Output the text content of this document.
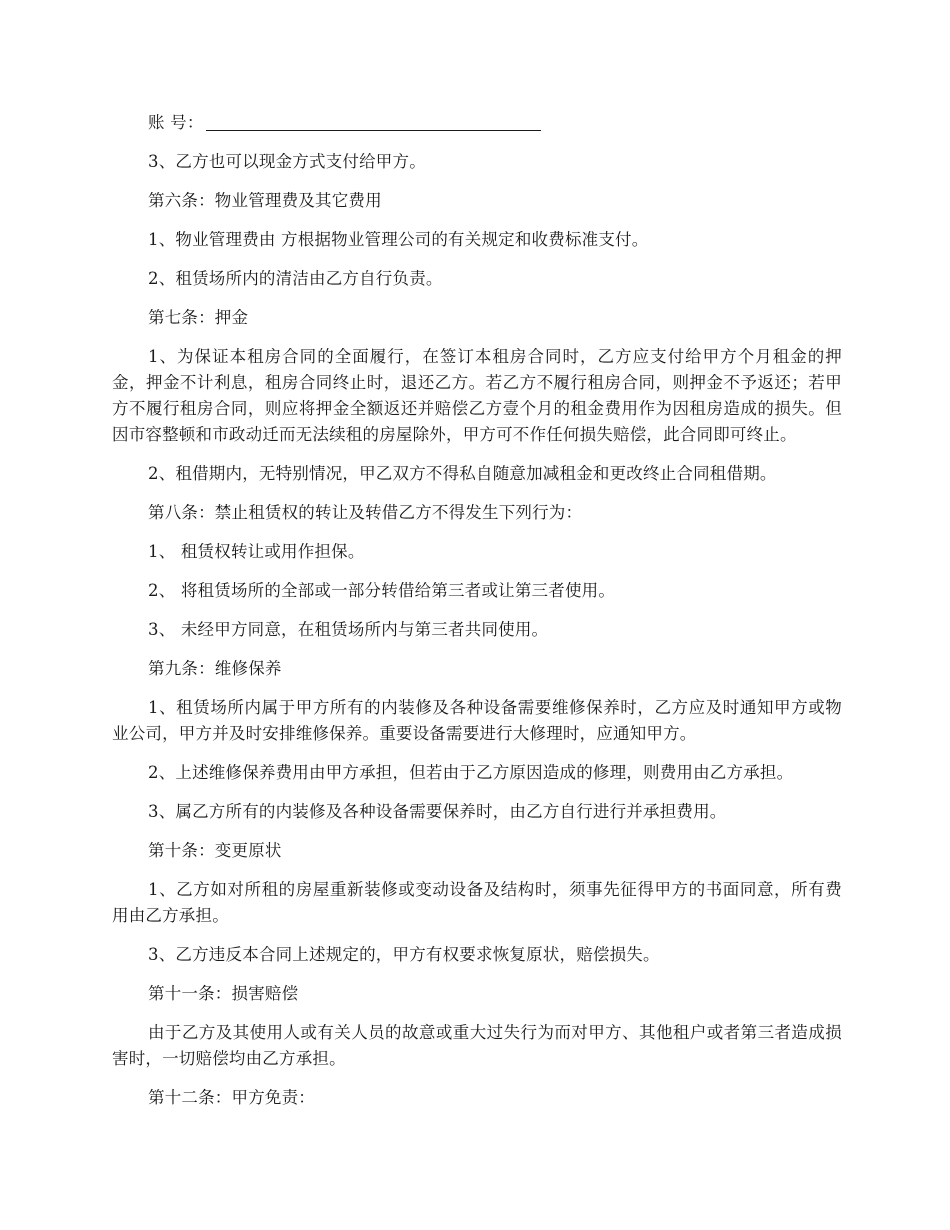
账 号：

3、乙方也可以现金方式支付给甲方。

第六条：物业管理费及其它费用

1、物业管理费由 方根据物业管理公司的有关规定和收费标准支付。

2、租赁场所内的清洁由乙方自行负责。

第七条：押金

1、为保证本租房合同的全面履行，在签订本租房合同时，乙方应支付给甲方个月租金的押金，押金不计利息，租房合同终止时，退还乙方。若乙方不履行租房合同，则押金不予返还；若甲方不履行租房合同，则应将押金全额返还并赔偿乙方壹个月的租金费用作为因租房造成的损失。但因市容整顿和市政动迁而无法续租的房屋除外，甲方可不作任何损失赔偿，此合同即可终止。

2、租借期内，无特别情况，甲乙双方不得私自随意加减租金和更改终止合同租借期。

第八条：禁止租赁权的转让及转借乙方不得发生下列行为：

1、 租赁权转让或用作担保。

2、 将租赁场所的全部或一部分转借给第三者或让第三者使用。

3、 未经甲方同意，在租赁场所内与第三者共同使用。

第九条：维修保养

1、租赁场所内属于甲方所有的内装修及各种设备需要维修保养时，乙方应及时通知甲方或物业公司，甲方并及时安排维修保养。重要设备需要进行大修理时，应通知甲方。

2、上述维修保养费用由甲方承担，但若由于乙方原因造成的修理，则费用由乙方承担。

3、属乙方所有的内装修及各种设备需要保养时，由乙方自行进行并承担费用。

第十条：变更原状

1、乙方如对所租的房屋重新装修或变动设备及结构时，须事先征得甲方的书面同意，所有费用由乙方承担。

3、乙方违反本合同上述规定的，甲方有权要求恢复原状，赔偿损失。

第十一条：损害赔偿

由于乙方及其使用人或有关人员的故意或重大过失行为而对甲方、其他租户或者第三者造成损害时，一切赔偿均由乙方承担。

第十二条：甲方免责：
